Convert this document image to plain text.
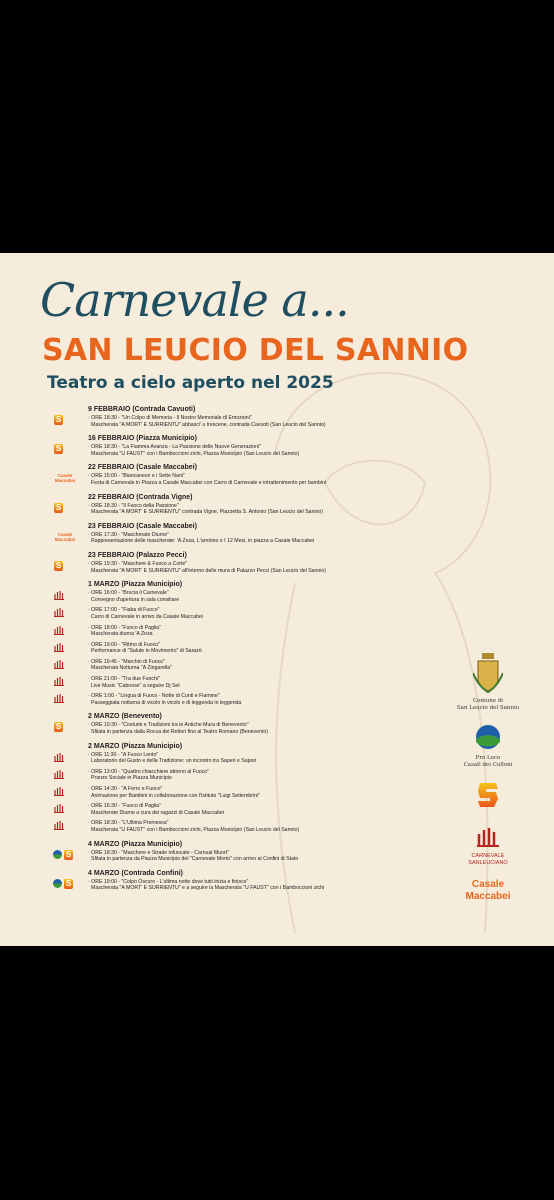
Carnevale a...
SAN LEUCIO DEL SANNIO
Teatro a cielo aperto nel 2025
9 FEBBRAIO (Contrada Cavuoti)
S
· ORE 18:30 - "Un Colpo di Memoria - Il Nostro Memoriale di Emozioni"
Mascherata "A MORT' E SURRIENTU" abbasci' u trescene, contrada Cavuoti (San Leucio del Sannio)
16 FEBBRAIO (Piazza Municipio)
S
· ORE 18:30 - "La Fiamma Avanza - La Passione delle Nuove Generazioni"
Mascherata "U FAUST" con i Bamboccioni zichi, Piazza Municipio (San Leucio del Sannio)
22 FEBBRAIO (Casale Maccabei)
Casale Maccabei
· ORE 15:00 - "Biancaneve e i Sette Nani"
Festa di Carnevale in Piazza a Casale Maccabei con Carro di Carnevale e intrattenimento per bambini
22 FEBBRAIO (Contrada Vigne)
S
· ORE 18:30 - "Il Fuoco della Passione"
Mascherata "A MORT' E SURRIENTU" contrada Vigne, Piazzetta S. Antonio (San Leucio del Sannio)
23 FEBBRAIO (Casale Maccabei)
Casale Maccabei
· ORE 17:30 - "Mascherate Diurne"
Rappresentazione delle mascherate: 'A Zeza, L'arrotino e I 12 Mesi, in piazza a Casale Maccabei
23 FEBBRAIO (Palazzo Pecci)
S
· ORE 19:30 - "Maschere & Fuoco a Corte"
Mascherata "A MORT' E SURRIENTU" all'interno delle mura di Palazzo Pecci (San Leucio del Sannio)
1 MARZO (Piazza Municipio)
· ORE 16:00 - "Brucia il Carnevale"
Convegno d'apertura in sala consiliare
· ORE 17:00 - "Fiaba di Fuoco"
Carro di Carnevale in arrivo da Casale Maccabei
· ORE 18:00 - "Fuoco di Paglia"
Mascherata diurna 'A Zeza
· ORE 19:00 - "Ritmo di Fuoco"
Performance di "Salute in Movimento" di Sarazò
· ORE 19:45 - "Marchio di Fuoco"
Mascherata Notturna "A Zingarella"
· ORE 21:00 - "Tra due Fuochi"
Live Music "Caboose" a seguire Dj Set
· ORE 1:00 - "Lingua di Fuoco - Notte di Cunti e Fiamme"
Passeggiata notturna di vicolo in vicolo e di leggenda in leggenda
2 MARZO (Benevento)
S
· ORE 10:30 - "Costumi e Tradizioni tra le Antiche Mura di Benevento"
Sfilata in partenza dalla Rocca dei Rettori fino al Teatro Romano (Benevento)
2 MARZO (Piazza Municipio)
· ORE 11:30 - "A Fuoco Lento"
Laboratorio del Gusto e della Tradizione: un incontro tra Saperi e Sapori
· ORE 13:00 - "Quattro chiacchiere attorno al Fuoco"
Pranzo Sociale in Piazza Municipio
· ORE 14:30 - "A Ferro e Fuoco"
Animazione per Bambini in collaborazione con l'Istituto "Luigi Settembrini"
· ORE 16:30 - "Fuoco di Paglia"
Mascherate Diurne a cura dei ragazzi di Casale Maccabei
· ORE 18:30 - "L'Ultima Premessa"
Mascherata "U FAUST" con i Bamboccioni zichi, Piazza Municipio (San Leucio del Sannio)
4 MARZO (Piazza Municipio)
S
· ORE 18:30 - "Maschere e Strade infuocate - Carnual Muort"
Sfilata in partenza da Piazza Municipio del "Carnevale Morto" con arrivo ai Confini di Stato
4 MARZO (Contrada Confini)
S
· ORE 19:00 - "Colpo Oscuro - L'ultima notte dove tutti inizia e finisce"
Mascherata "A MORT' E SURRIENTU" e a seguire la Mascherata "U FAUST" con i Bamboccioni zichi
Comune di
San Leucio del Sannio
Pro Loco
Casali dei Colloni
CARNEVALE
SANLEUCIANO
Casale
Maccabei
